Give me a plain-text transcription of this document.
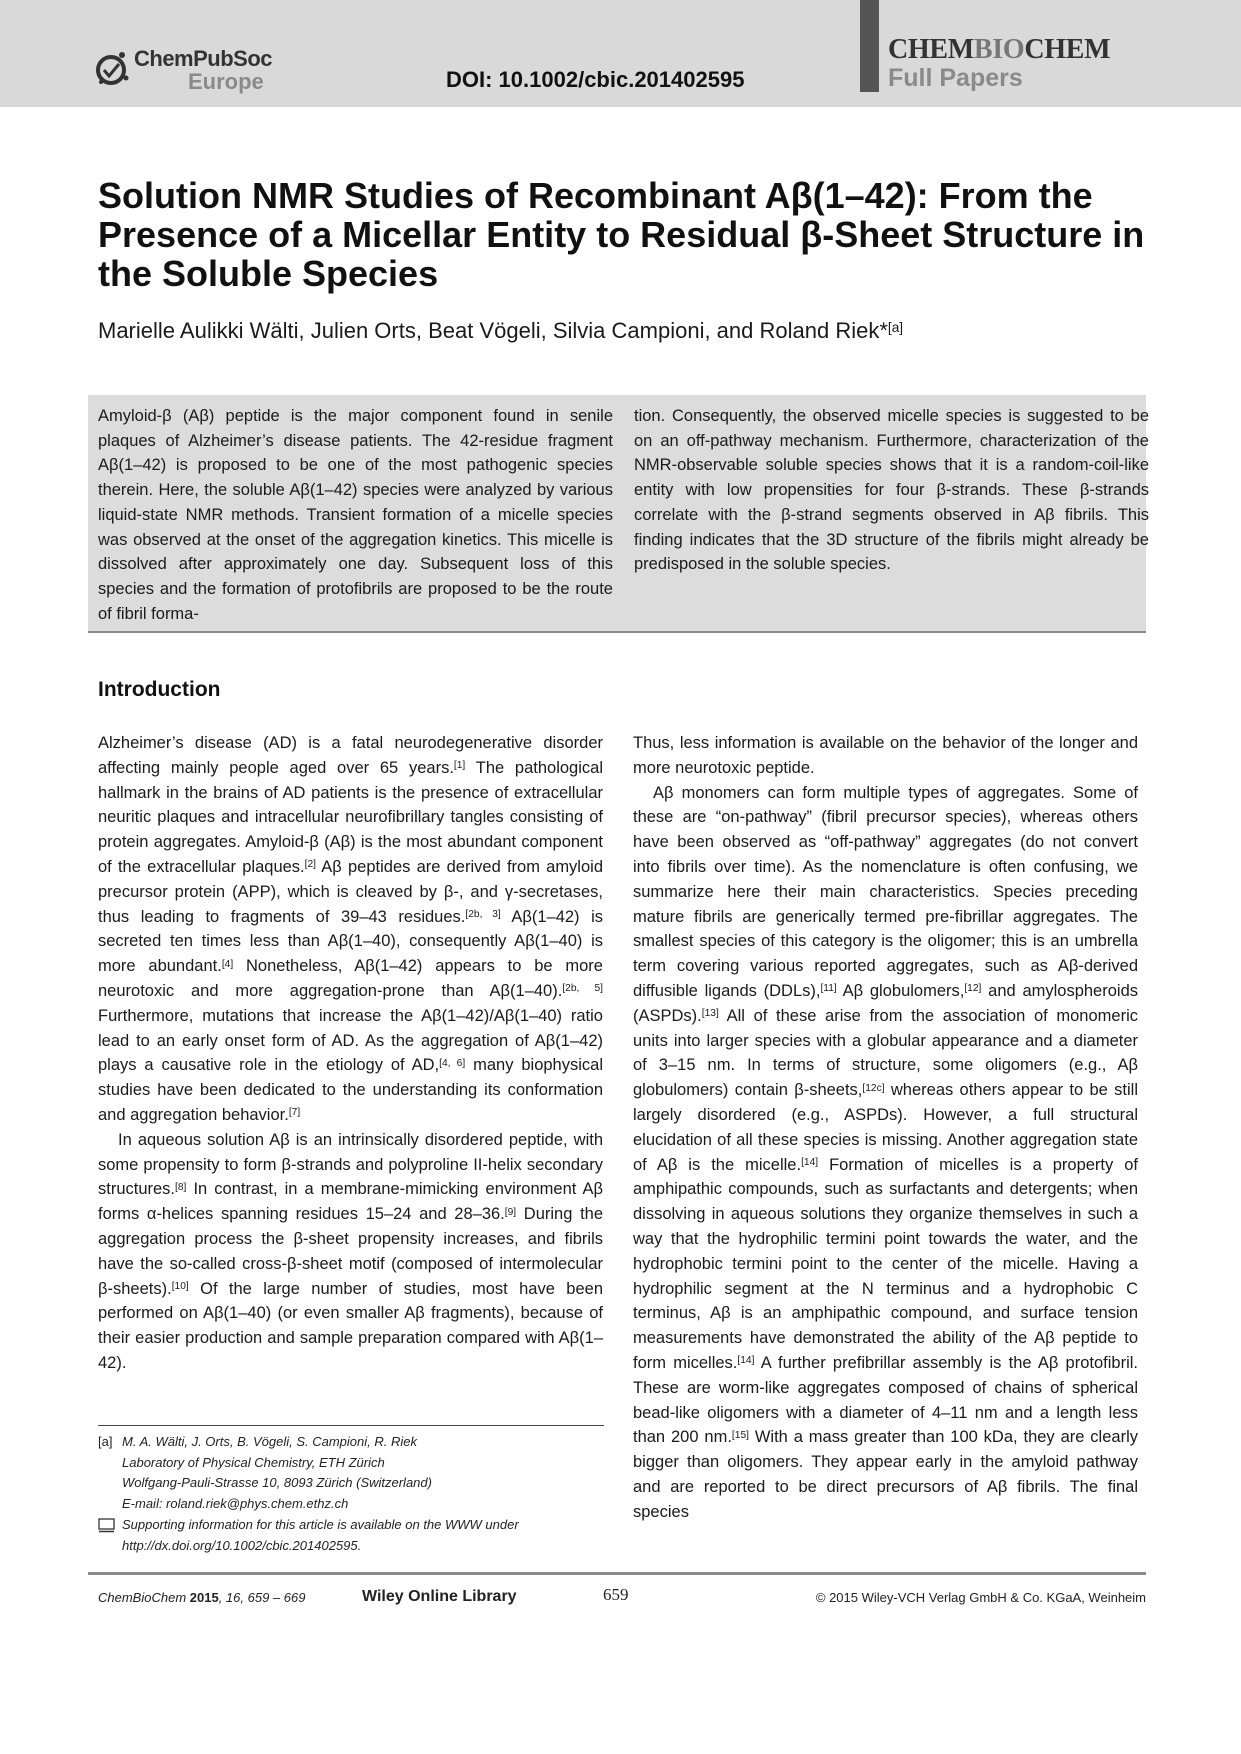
ChemPubSoc
Europe	DOI: 10.1002/cbic.201402595
CHEMBIOCHEM
Full Papers
Solution NMR Studies of Recombinant Aβ(1–42): From the Presence of a Micellar Entity to Residual β-Sheet Structure in the Soluble Species
Marielle Aulikki Wälti, Julien Orts, Beat Vögeli, Silvia Campioni, and Roland Riek*[a]

Amyloid-β (Aβ) peptide is the major component found in senile plaques of Alzheimer’s disease patients. The 42-residue fragment Aβ(1–42) is proposed to be one of the most pathogenic species therein. Here, the soluble Aβ(1–42) species were analyzed by various liquid-state NMR methods. Transient formation of a micelle species was observed at the onset of the aggregation kinetics. This micelle is dissolved after approximately one day. Subsequent loss of this species and the formation of protofibrils are proposed to be the route of fibril forma-

tion. Consequently, the observed micelle species is suggested to be on an off-pathway mechanism. Furthermore, characterization of the NMR-observable soluble species shows that it is a random-coil-like entity with low propensities for four β-strands. These β-strands correlate with the β-strand segments observed in Aβ fibrils. This finding indicates that the 3D structure of the fibrils might already be predisposed in the soluble species.

Introduction

Alzheimer’s disease (AD) is a fatal neurodegenerative disorder affecting mainly people aged over 65 years.[1] The pathological hallmark in the brains of AD patients is the presence of extracellular neuritic plaques and intracellular neurofibrillary tangles consisting of protein aggregates. Amyloid-β (Aβ) is the most abundant component of the extracellular plaques.[2] Aβ peptides are derived from amyloid precursor protein (APP), which is cleaved by β-, and γ-secretases, thus leading to fragments of 39–43 residues.[2b, 3] Aβ(1–42) is secreted ten times less than Aβ(1–40), consequently Aβ(1–40) is more abundant.[4] Nonetheless, Aβ(1–42) appears to be more neurotoxic and more aggregation-prone than Aβ(1–40).[2b, 5] Furthermore, mutations that increase the Aβ(1–42)/Aβ(1–40) ratio lead to an early onset form of AD. As the aggregation of Aβ(1–42) plays a causative role in the etiology of AD,[4, 6] many biophysical studies have been dedicated to the understanding its conformation and aggregation behavior.[7]

In aqueous solution Aβ is an intrinsically disordered peptide, with some propensity to form β-strands and polyproline II-helix secondary structures.[8] In contrast, in a membrane-mimicking environment Aβ forms α-helices spanning residues 15–24 and 28–36.[9] During the aggregation process the β-sheet propensity increases, and fibrils have the so-called cross-β-sheet motif (composed of intermolecular β-sheets).[10] Of the large number of studies, most have been performed on Aβ(1–40) (or even smaller Aβ fragments), because of their easier production and sample preparation compared with Aβ(1–42).

Thus, less information is available on the behavior of the longer and more neurotoxic peptide.

Aβ monomers can form multiple types of aggregates. Some of these are “on-pathway” (fibril precursor species), whereas others have been observed as “off-pathway” aggregates (do not convert into fibrils over time). As the nomenclature is often confusing, we summarize here their main characteristics. Species preceding mature fibrils are generically termed pre-fibrillar aggregates. The smallest species of this category is the oligomer; this is an umbrella term covering various reported aggregates, such as Aβ-derived diffusible ligands (DDLs),[11] Aβ globulomers,[12] and amylospheroids (ASPDs).[13] All of these arise from the association of monomeric units into larger species with a globular appearance and a diameter of 3–15 nm. In terms of structure, some oligomers (e.g., Aβ globulomers) contain β-sheets,[12c] whereas others appear to be still largely disordered (e.g., ASPDs). However, a full structural elucidation of all these species is missing. Another aggregation state of Aβ is the micelle.[14] Formation of micelles is a property of amphipathic compounds, such as surfactants and detergents; when dissolving in aqueous solutions they organize themselves in such a way that the hydrophilic termini point towards the water, and the hydrophobic termini point to the center of the micelle. Having a hydrophilic segment at the N terminus and a hydrophobic C terminus, Aβ is an amphipathic compound, and surface tension measurements have demonstrated the ability of the Aβ peptide to form micelles.[14] A further prefibrillar assembly is the Aβ protofibril. These are worm-like aggregates composed of chains of spherical bead-like oligomers with a diameter of 4–11 nm and a length less than 200 nm.[15] With a mass greater than 100 kDa, they are clearly bigger than oligomers. They appear early in the amyloid pathway and are reported to be direct precursors of Aβ fibrils. The final species

[a] M. A. Wälti, J. Orts, B. Vögeli, S. Campioni, R. Riek
Laboratory of Physical Chemistry, ETH Zürich
Wolfgang-Pauli-Strasse 10, 8093 Zürich (Switzerland)
E-mail: roland.riek@phys.chem.ethz.ch
Supporting information for this article is available on the WWW under
http://dx.doi.org/10.1002/cbic.201402595.
ChemBioChem 2015, 16, 659 – 669	Wiley Online Library	659	© 2015 Wiley-VCH Verlag GmbH & Co. KGaA, Weinheim
